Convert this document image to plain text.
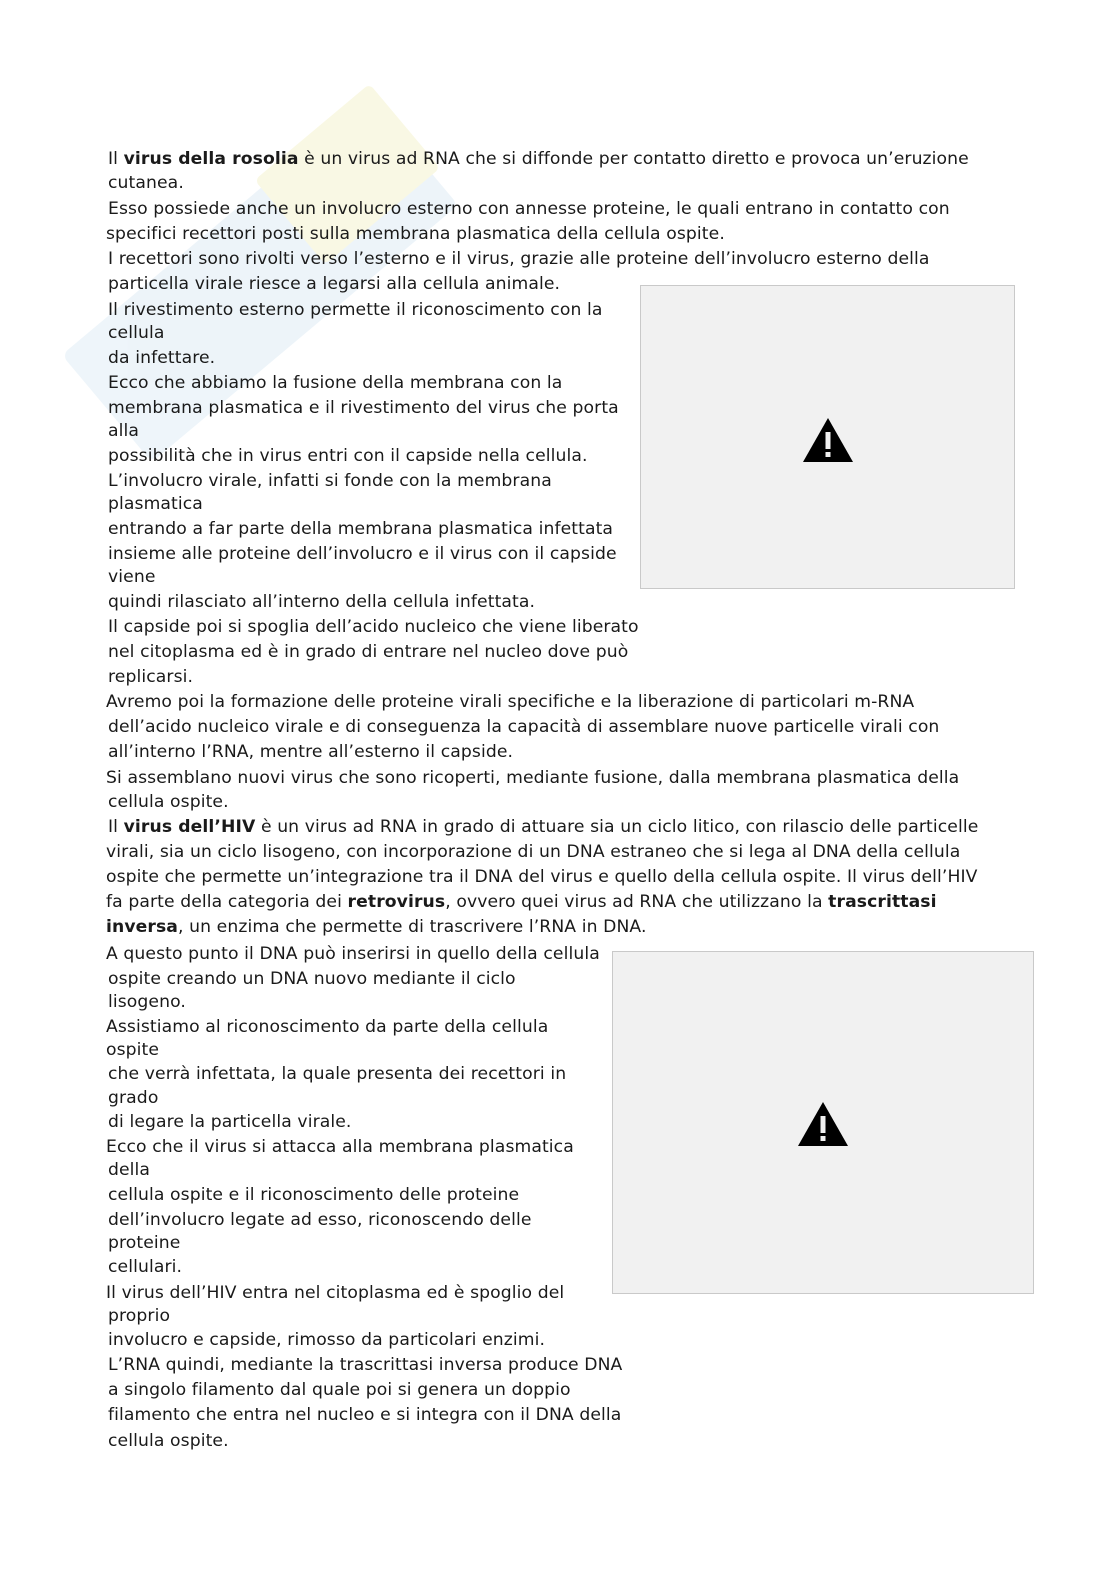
Il virus della rosolia è un virus ad RNA che si diffonde per contatto diretto e provoca un’eruzione
cutanea.
Esso possiede anche un involucro esterno con annesse proteine, le quali entrano in contatto con
specifici recettori posti sulla membrana plasmatica della cellula ospite.
I recettori sono rivolti verso l’esterno e il virus, grazie alle proteine dell’involucro esterno della
particella virale riesce a legarsi alla cellula animale.
Il rivestimento esterno permette il riconoscimento con la
cellula
da infettare.
Ecco che abbiamo la fusione della membrana con la
membrana plasmatica e il rivestimento del virus che porta
alla
possibilità che in virus entri con il capside nella cellula.
L’involucro virale, infatti si fonde con la membrana
plasmatica
entrando a far parte della membrana plasmatica infettata
insieme alle proteine dell’involucro e il virus con il capside
viene
quindi rilasciato all’interno della cellula infettata.
Il capside poi si spoglia dell’acido nucleico che viene liberato
nel citoplasma ed è in grado di entrare nel nucleo dove può
replicarsi.
Avremo poi la formazione delle proteine virali specifiche e la liberazione di particolari m-RNA
dell’acido nucleico virale e di conseguenza la capacità di assemblare nuove particelle virali con
all’interno l’RNA, mentre all’esterno il capside.
Si assemblano nuovi virus che sono ricoperti, mediante fusione, dalla membrana plasmatica della
cellula ospite.
Il virus dell’HIV è un virus ad RNA in grado di attuare sia un ciclo litico, con rilascio delle particelle
virali, sia un ciclo lisogeno, con incorporazione di un DNA estraneo che si lega al DNA della cellula
ospite che permette un’integrazione tra il DNA del virus e quello della cellula ospite. Il virus dell’HIV
fa parte della categoria dei retrovirus, ovvero quei virus ad RNA che utilizzano la trascrittasi
inversa, un enzima che permette di trascrivere l’RNA in DNA.
A questo punto il DNA può inserirsi in quello della cellula
ospite creando un DNA nuovo mediante il ciclo
lisogeno.
Assistiamo al riconoscimento da parte della cellula
ospite
che verrà infettata, la quale presenta dei recettori in
grado
di legare la particella virale.
Ecco che il virus si attacca alla membrana plasmatica
della
cellula ospite e il riconoscimento delle proteine
dell’involucro legate ad esso, riconoscendo delle
proteine
cellulari.
Il virus dell’HIV entra nel citoplasma ed è spoglio del
proprio
involucro e capside, rimosso da particolari enzimi.
L’RNA quindi, mediante la trascrittasi inversa produce DNA
a singolo filamento dal quale poi si genera un doppio
filamento che entra nel nucleo e si integra con il DNA della
cellula ospite.
